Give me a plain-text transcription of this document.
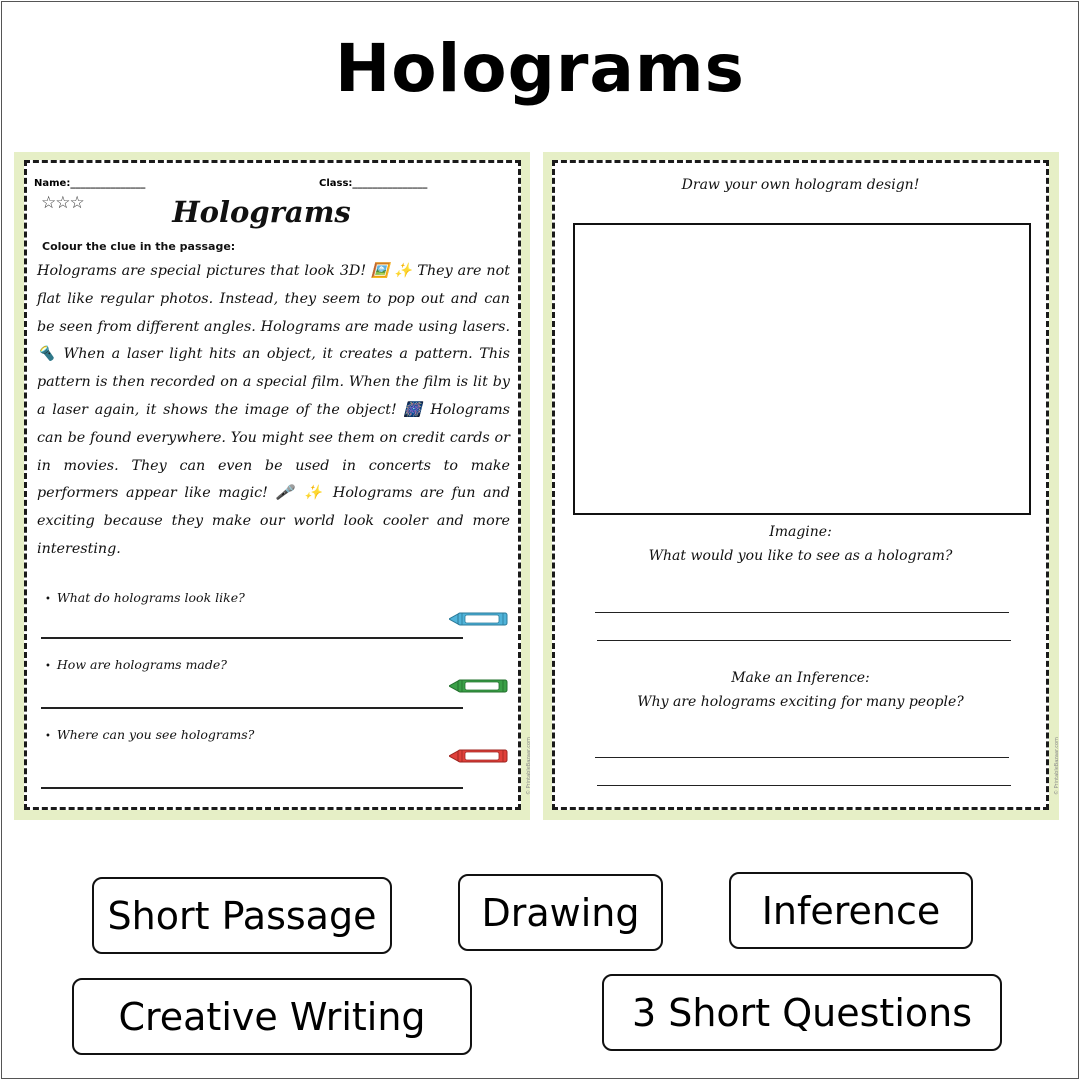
Holograms
Name:_______________	Class:_______________
☆☆☆	Holograms
Colour the clue in the passage:
Holograms are special pictures that look 3D! 🖼️ ✨ They are not flat like regular photos. Instead, they seem to pop out and can be seen from different angles. Holograms are made using lasers. 🔦 When a laser light hits an object, it creates a pattern. This pattern is then recorded on a special film. When the film is lit by a laser again, it shows the image of the object! 🎆 Holograms can be found everywhere. You might see them on credit cards or in movies. They can even be used in concerts to make performers appear like magic! 🎤 ✨ Holograms are fun and exciting because they make our world look cooler and more interesting.
• What do holograms look like?
• How are holograms made?
• Where can you see holograms?
© PrintableBazaar.com
Draw your own hologram design!
Imagine:
What would you like to see as a hologram?
Make an Inference:
Why are holograms exciting for many people?
© PrintableBazaar.com
Short Passage	Drawing	Inference
Creative Writing	3 Short Questions
